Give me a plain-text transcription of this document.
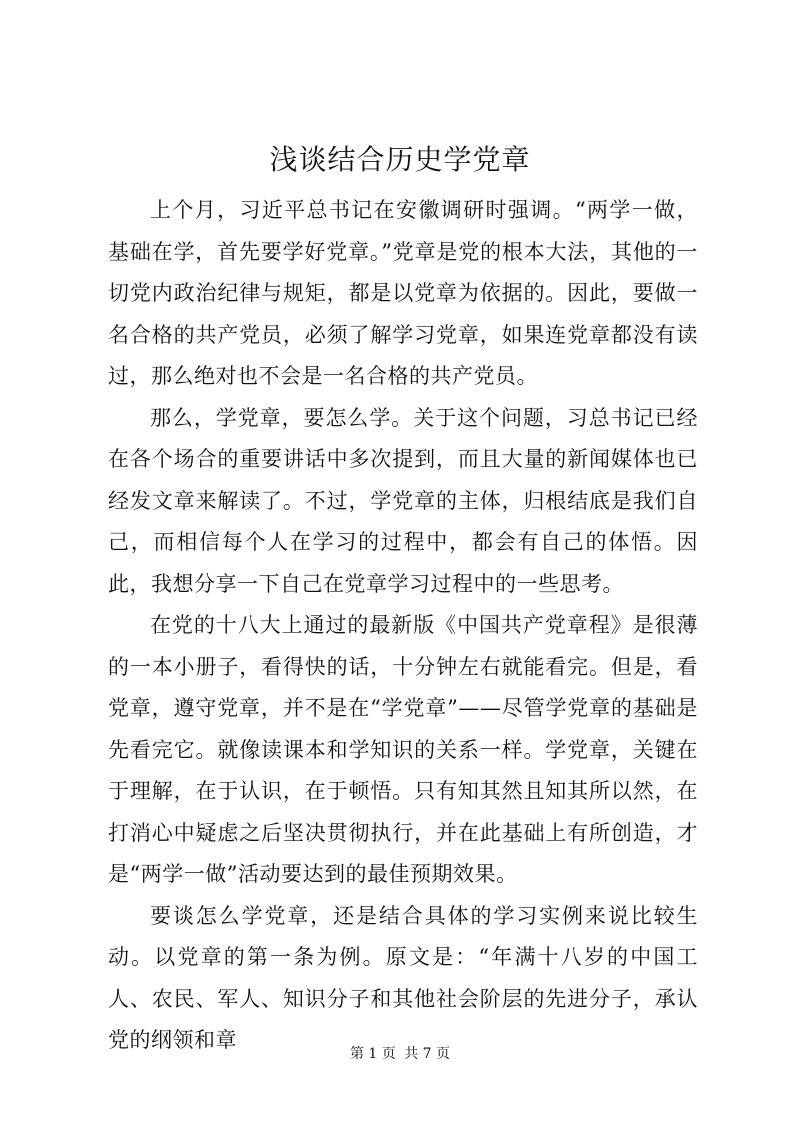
浅谈结合历史学党章

上个月，习近平总书记在安徽调研时强调。“两学一做，基础在学，首先要学好党章。”党章是党的根本大法，其他的一切党内政治纪律与规矩，都是以党章为依据的。因此，要做一名合格的共产党员，必须了解学习党章，如果连党章都没有读过，那么绝对也不会是一名合格的共产党员。

那么，学党章，要怎么学。关于这个问题，习总书记已经在各个场合的重要讲话中多次提到，而且大量的新闻媒体也已经发文章来解读了。不过，学党章的主体，归根结底是我们自己，而相信每个人在学习的过程中，都会有自己的体悟。因此，我想分享一下自己在党章学习过程中的一些思考。

在党的十八大上通过的最新版《中国共产党章程》是很薄的一本小册子，看得快的话，十分钟左右就能看完。但是，看党章，遵守党章，并不是在“学党章”——尽管学党章的基础是先看完它。就像读课本和学知识的关系一样。学党章，关键在于理解，在于认识，在于顿悟。只有知其然且知其所以然，在打消心中疑虑之后坚决贯彻执行，并在此基础上有所创造，才是“两学一做”活动要达到的最佳预期效果。

要谈怎么学党章，还是结合具体的学习实例来说比较生动。以党章的第一条为例。原文是：“年满十八岁的中国工人、农民、军人、知识分子和其他社会阶层的先进分子，承认党的纲领和章

第 1 页 共 7 页
